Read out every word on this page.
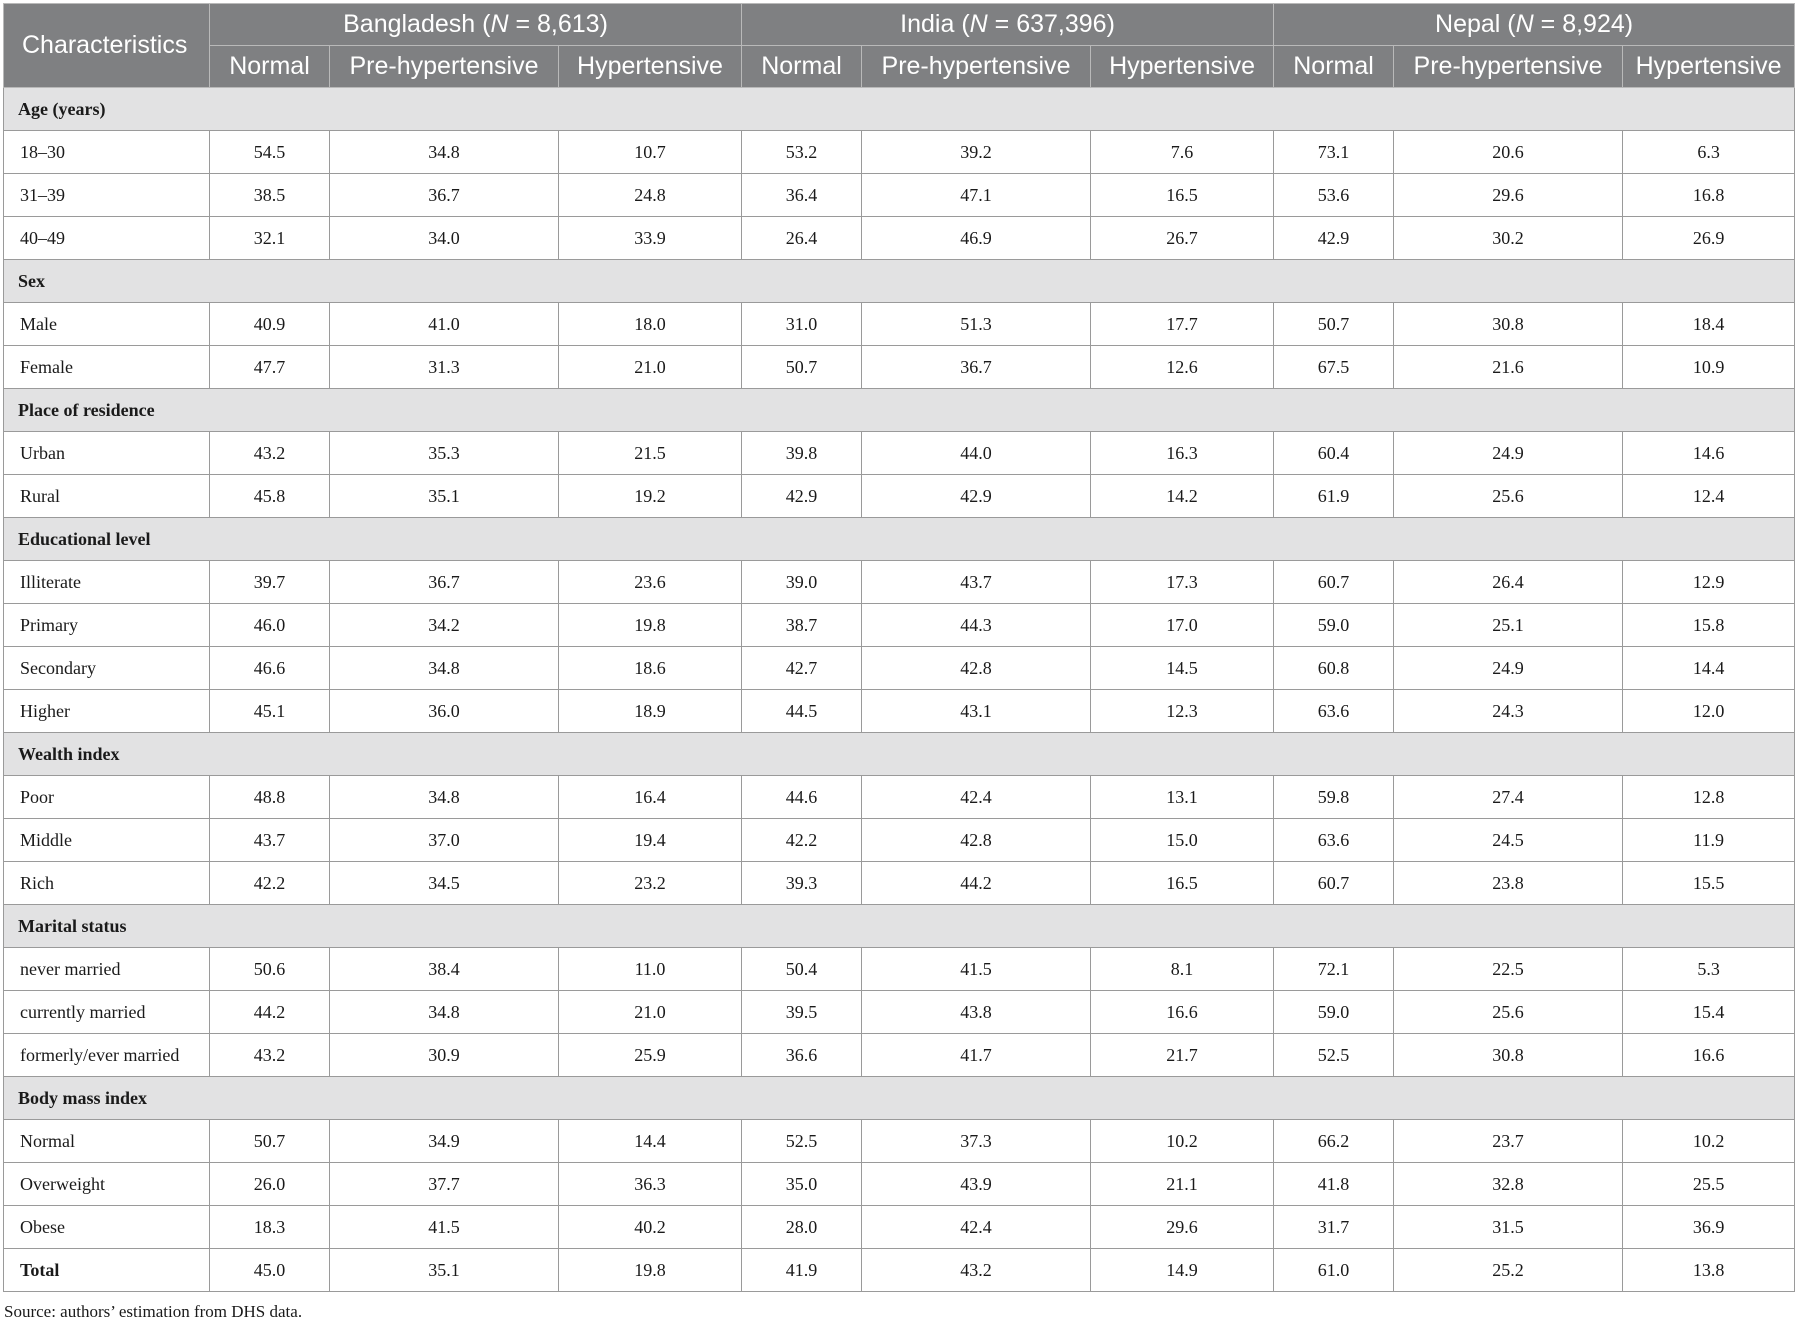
Characteristics	Bangladesh (N = 8,613)			India (N = 637,396)			Nepal (N = 8,924)		
	Normal	Pre-hypertensive	Hypertensive	Normal	Pre-hypertensive	Hypertensive	Normal	Pre-hypertensive	Hypertensive
Age (years)									
18–30	54.5	34.8	10.7	53.2	39.2	7.6	73.1	20.6	6.3
31–39	38.5	36.7	24.8	36.4	47.1	16.5	53.6	29.6	16.8
40–49	32.1	34.0	33.9	26.4	46.9	26.7	42.9	30.2	26.9
Sex									
Male	40.9	41.0	18.0	31.0	51.3	17.7	50.7	30.8	18.4
Female	47.7	31.3	21.0	50.7	36.7	12.6	67.5	21.6	10.9
Place of residence									
Urban	43.2	35.3	21.5	39.8	44.0	16.3	60.4	24.9	14.6
Rural	45.8	35.1	19.2	42.9	42.9	14.2	61.9	25.6	12.4
Educational level									
Illiterate	39.7	36.7	23.6	39.0	43.7	17.3	60.7	26.4	12.9
Primary	46.0	34.2	19.8	38.7	44.3	17.0	59.0	25.1	15.8
Secondary	46.6	34.8	18.6	42.7	42.8	14.5	60.8	24.9	14.4
Higher	45.1	36.0	18.9	44.5	43.1	12.3	63.6	24.3	12.0
Wealth index									
Poor	48.8	34.8	16.4	44.6	42.4	13.1	59.8	27.4	12.8
Middle	43.7	37.0	19.4	42.2	42.8	15.0	63.6	24.5	11.9
Rich	42.2	34.5	23.2	39.3	44.2	16.5	60.7	23.8	15.5
Marital status									
never married	50.6	38.4	11.0	50.4	41.5	8.1	72.1	22.5	5.3
currently married	44.2	34.8	21.0	39.5	43.8	16.6	59.0	25.6	15.4
formerly/ever married	43.2	30.9	25.9	36.6	41.7	21.7	52.5	30.8	16.6
Body mass index									
Normal	50.7	34.9	14.4	52.5	37.3	10.2	66.2	23.7	10.2
Overweight	26.0	37.7	36.3	35.0	43.9	21.1	41.8	32.8	25.5
Obese	18.3	41.5	40.2	28.0	42.4	29.6	31.7	31.5	36.9
Total	45.0	35.1	19.8	41.9	43.2	14.9	61.0	25.2	13.8
Source: authors’ estimation from DHS data.
